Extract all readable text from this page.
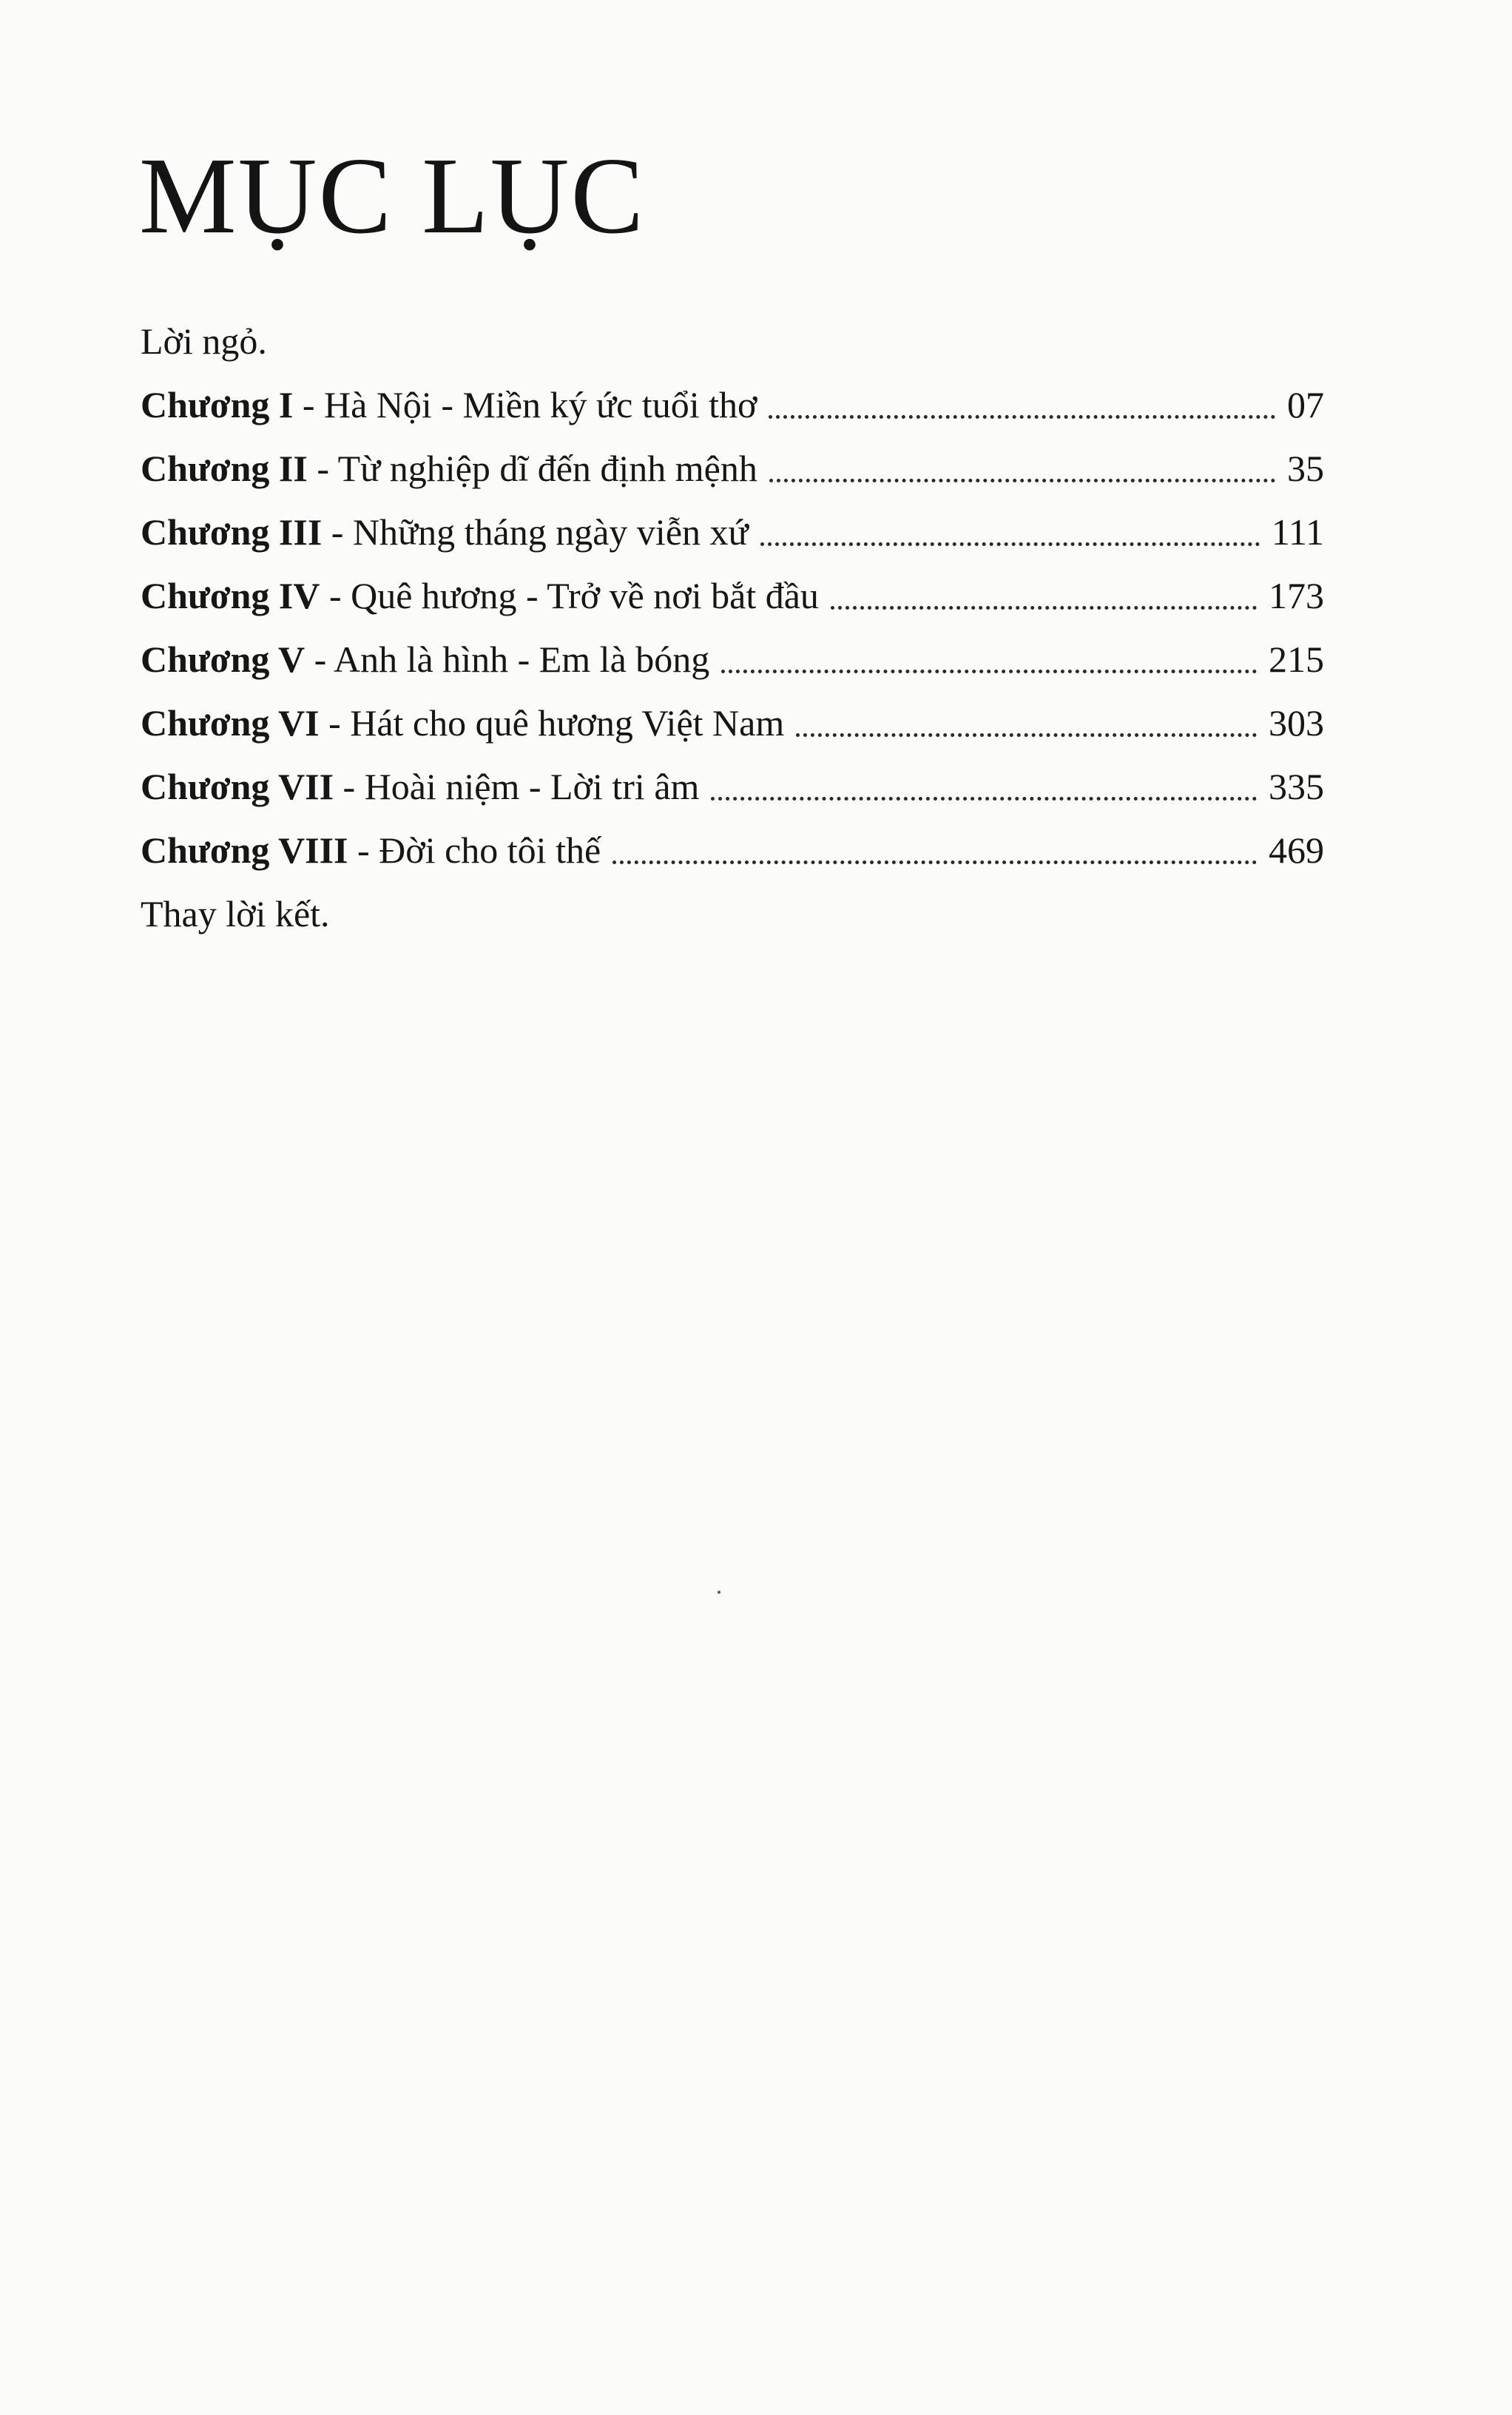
MỤC LỤC
Lời ngỏ.
Chương I - Hà Nội - Miền ký ức tuổi thơ	07
Chương II - Từ nghiệp dĩ đến định mệnh	35
Chương III - Những tháng ngày viễn xứ	111
Chương IV - Quê hương - Trở về nơi bắt đầu	173
Chương V - Anh là hình - Em là bóng	215
Chương VI - Hát cho quê hương Việt Nam	303
Chương VII - Hoài niệm - Lời tri âm	335
Chương VIII - Đời cho tôi thế	469
Thay lời kết.
